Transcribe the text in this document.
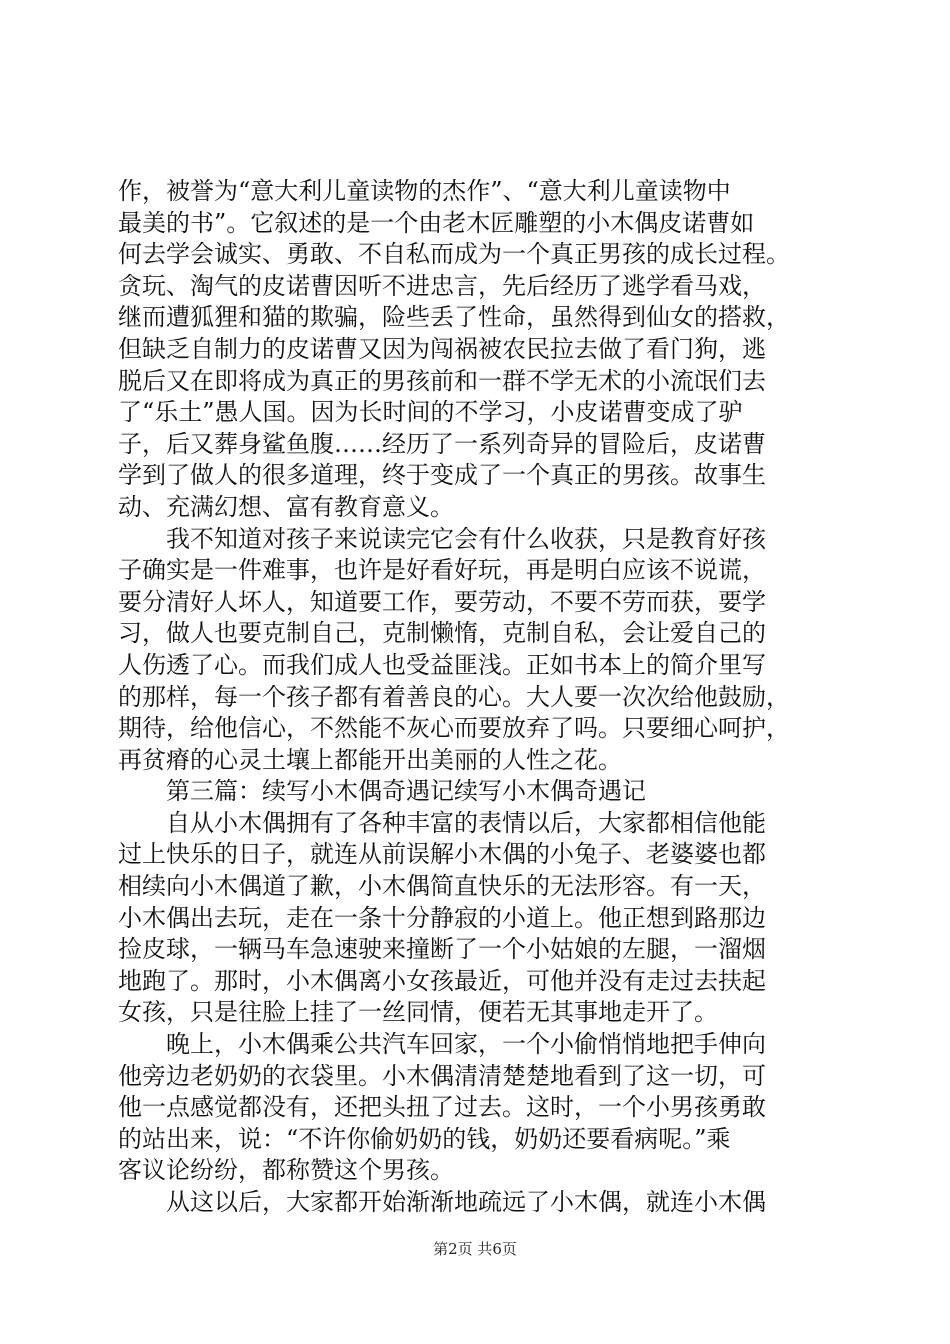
作，被誉为“意大利儿童读物的杰作”、“意大利儿童读物中
最美的书”。它叙述的是一个由老木匠雕塑的小木偶皮诺曹如
何去学会诚实、勇敢、不自私而成为一个真正男孩的成长过程。
贪玩、淘气的皮诺曹因听不进忠言，先后经历了逃学看马戏，
继而遭狐狸和猫的欺骗，险些丢了性命，虽然得到仙女的搭救，
但缺乏自制力的皮诺曹又因为闯祸被农民拉去做了看门狗，逃
脱后又在即将成为真正的男孩前和一群不学无术的小流氓们去
了“乐土”愚人国。因为长时间的不学习，小皮诺曹变成了驴
子，后又葬身鲨鱼腹……经历了一系列奇异的冒险后，皮诺曹
学到了做人的很多道理，终于变成了一个真正的男孩。故事生
动、充满幻想、富有教育意义。
　　我不知道对孩子来说读完它会有什么收获，只是教育好孩
子确实是一件难事，也许是好看好玩，再是明白应该不说谎，
要分清好人坏人，知道要工作，要劳动，不要不劳而获，要学
习，做人也要克制自己，克制懒惰，克制自私，会让爱自己的
人伤透了心。而我们成人也受益匪浅。正如书本上的简介里写
的那样，每一个孩子都有着善良的心。大人要一次次给他鼓励，
期待，给他信心，不然能不灰心而要放弃了吗。只要细心呵护，
再贫瘠的心灵土壤上都能开出美丽的人性之花。
　　第三篇：续写小木偶奇遇记续写小木偶奇遇记
　　自从小木偶拥有了各种丰富的表情以后，大家都相信他能
过上快乐的日子，就连从前误解小木偶的小兔子、老婆婆也都
相续向小木偶道了歉，小木偶简直快乐的无法形容。有一天，
小木偶出去玩，走在一条十分静寂的小道上。他正想到路那边
捡皮球，一辆马车急速驶来撞断了一个小姑娘的左腿，一溜烟
地跑了。那时，小木偶离小女孩最近，可他并没有走过去扶起
女孩，只是往脸上挂了一丝同情，便若无其事地走开了。
　　晚上，小木偶乘公共汽车回家，一个小偷悄悄地把手伸向
他旁边老奶奶的衣袋里。小木偶清清楚楚地看到了这一切，可
他一点感觉都没有，还把头扭了过去。这时，一个小男孩勇敢
的站出来，说：“不许你偷奶奶的钱，奶奶还要看病呢。”乘
客议论纷纷，都称赞这个男孩。
　　从这以后，大家都开始渐渐地疏远了小木偶，就连小木偶
第2页 共6页
